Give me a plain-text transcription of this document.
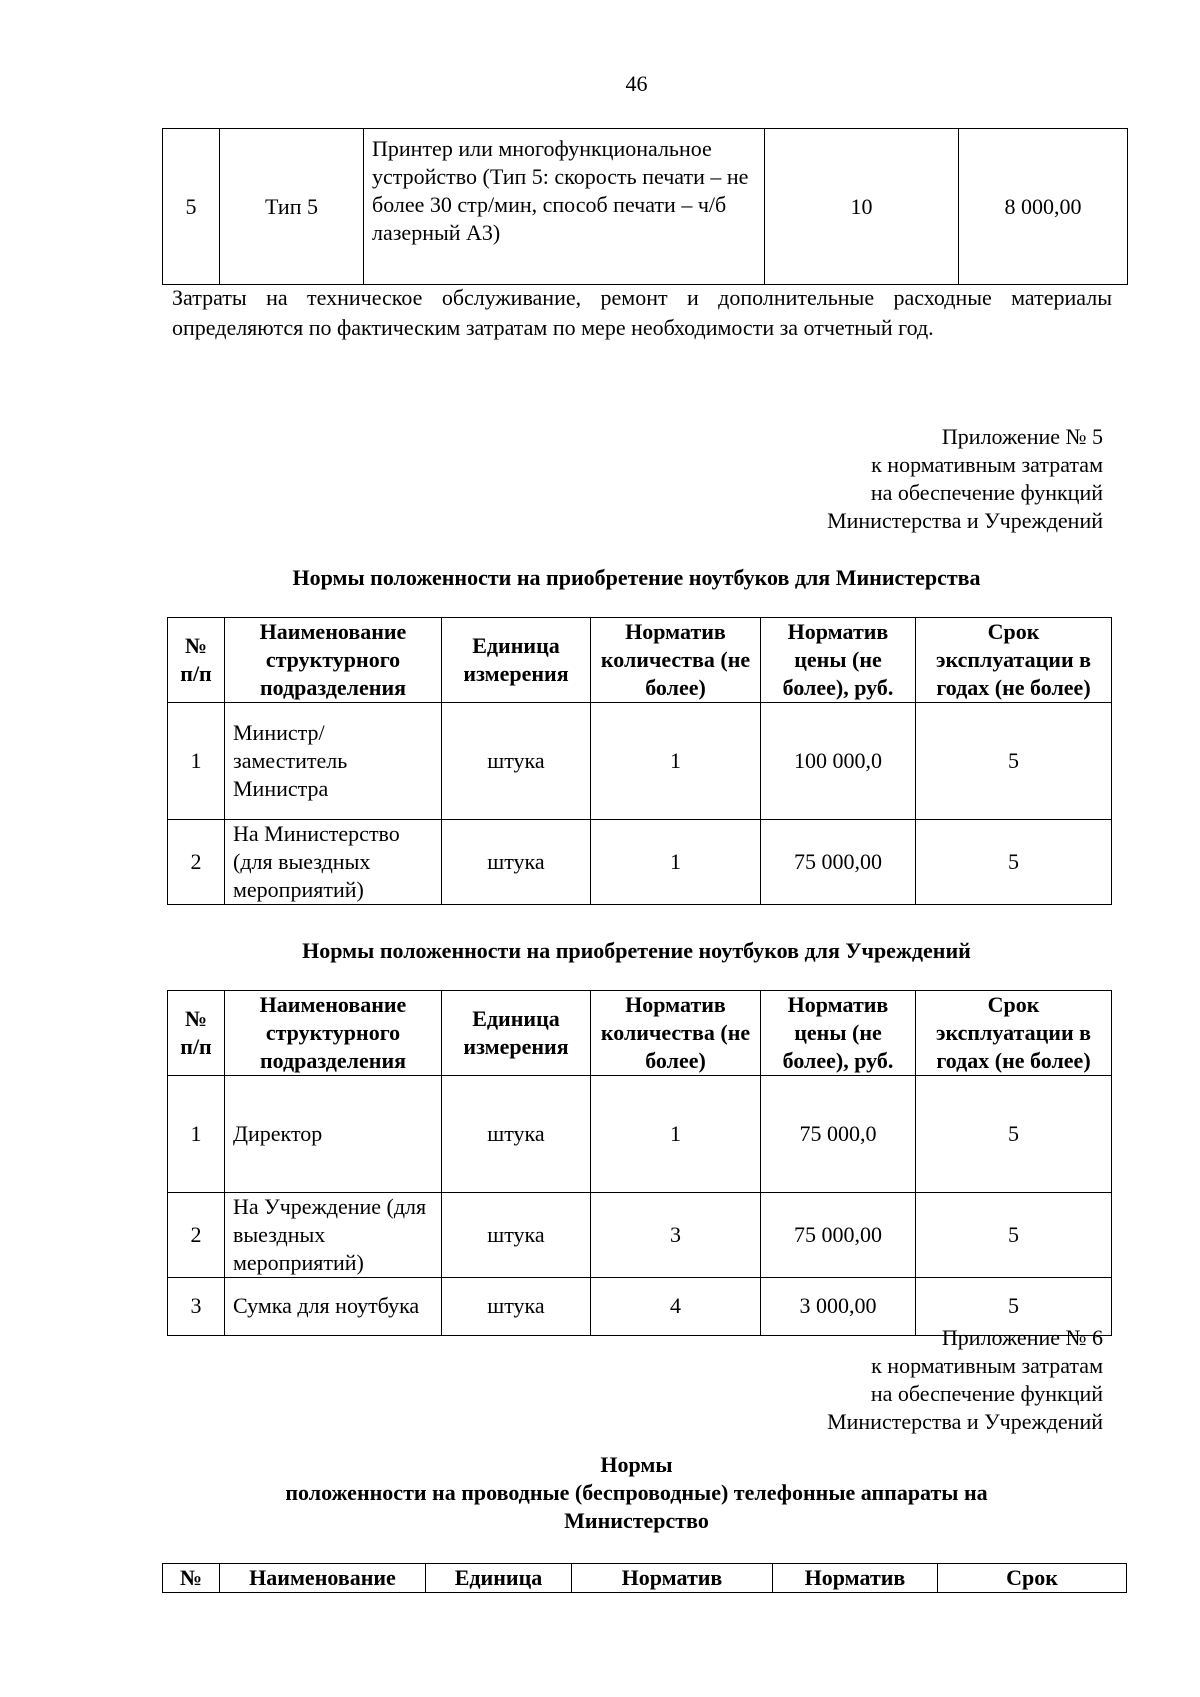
46
5	Тип 5	Принтер или многофункциональное устройство (Тип 5: скорость печати – не более 30 стр/мин, способ печати – ч/б лазерный А3)	10	8 000,00
Затраты на техническое обслуживание, ремонт и дополнительные расходные материалы определяются по фактическим затратам по мере необходимости за отчетный год.
Приложение № 5
к нормативным затратам
на обеспечение функций
Министерства и Учреждений
Нормы положенности на приобретение ноутбуков для Министерства
№ п/п	Наименование структурного подразделения	Единица измерения	Норматив количества (не более)	Норматив цены (не более), руб.	Срок эксплуатации в годах (не более)
1	Министр/ заместитель Министра	штука	1	100 000,0	5
2	На Министерство (для выездных мероприятий)	штука	1	75 000,00	5
Нормы положенности на приобретение ноутбуков для Учреждений
№ п/п	Наименование структурного подразделения	Единица измерения	Норматив количества (не более)	Норматив цены (не более), руб.	Срок эксплуатации в годах (не более)
1	Директор	штука	1	75 000,0	5
2	На Учреждение (для выездных мероприятий)	штука	3	75 000,00	5
3	Сумка для ноутбука	штука	4	3 000,00	5
Приложение № 6
к нормативным затратам
на обеспечение функций
Министерства и Учреждений
Нормы
положенности на проводные (беспроводные) телефонные аппараты на
Министерство
№	Наименование	Единица	Норматив	Норматив	Срок
